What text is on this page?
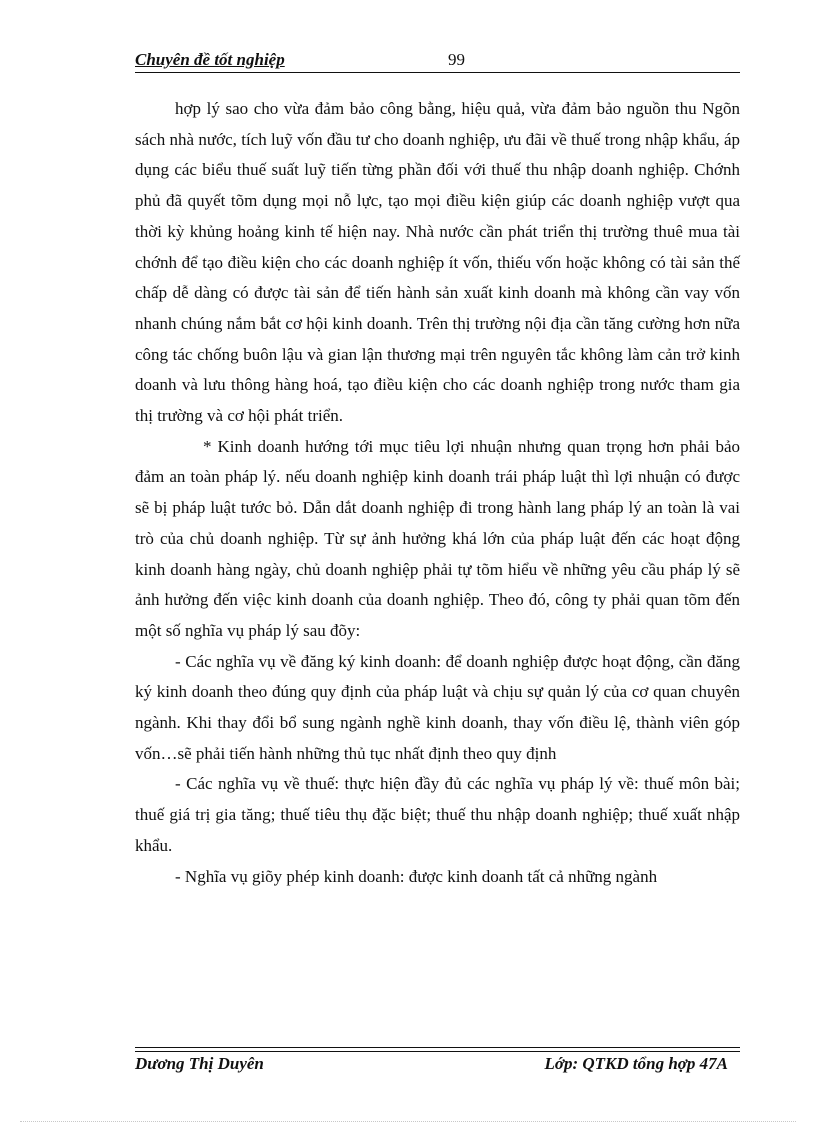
Chuyên đề tốt nghiệp	99

hợp lý sao cho vừa đảm bảo công bằng, hiệu quả, vừa đảm bảo nguồn thu Ngõn sách nhà nước, tích luỹ vốn đầu tư cho doanh nghiệp, ưu đãi về thuế trong nhập khẩu, áp dụng các biểu thuế suất luỹ tiến từng phần đối với thuế thu nhập doanh nghiệp. Chớnh phủ đã quyết tõm dụng mọi nỗ lực, tạo mọi điều kiện giúp các doanh nghiệp vượt qua thời kỳ khủng hoảng kinh tế hiện nay. Nhà nước cần phát triển thị trường thuê mua tài chớnh để tạo điều kiện cho các doanh nghiệp ít vốn, thiếu vốn hoặc không có tài sản thế chấp dễ dàng có được tài sản để tiến hành sản xuất kinh doanh mà không cần vay vốn nhanh chúng nắm bắt cơ hội kinh doanh. Trên thị trường nội địa cần tăng cường hơn nữa công tác chống buôn lậu và gian lận thương mại trên nguyên tắc không làm cản trở kinh doanh và lưu thông hàng hoá, tạo điều kiện cho các doanh nghiệp trong nước tham gia thị trường và cơ hội phát triển.

* Kinh doanh hướng tới mục tiêu lợi nhuận nhưng quan trọng hơn phải bảo đảm an toàn pháp lý. nếu doanh nghiệp kinh doanh trái pháp luật thì lợi nhuận có được sẽ bị pháp luật tước bỏ. Dẫn dắt doanh nghiệp đi trong hành lang pháp lý an toàn là vai trò của chủ doanh nghiệp. Từ sự ảnh hưởng khá lớn của pháp luật đến các hoạt động kinh doanh hàng ngày, chủ doanh nghiệp phải tự tõm hiểu về những yêu cầu pháp lý sẽ ảnh hưởng đến việc kinh doanh của doanh nghiệp. Theo đó, công ty phải quan tõm đến một số nghĩa vụ pháp lý sau đõy:

- Các nghĩa vụ về đăng ký kinh doanh: để doanh nghiệp được hoạt động, cần đăng ký kinh doanh theo đúng quy định của pháp luật và chịu sự quản lý của cơ quan chuyên ngành. Khi thay đổi bổ sung ngành nghề kinh doanh, thay vốn điều lệ, thành viên góp vốn…sẽ phải tiến hành những thủ tục nhất định theo quy định

- Các nghĩa vụ về thuế: thực hiện đầy đủ các nghĩa vụ pháp lý về: thuế môn bài; thuế giá trị gia tăng; thuế tiêu thụ đặc biệt; thuế thu nhập doanh nghiệp; thuế xuất nhập khẩu.

- Nghĩa vụ giõy phép kinh doanh: được kinh doanh tất cả những ngành

Dương Thị Duyên	Lớp: QTKD tổng hợp 47A
